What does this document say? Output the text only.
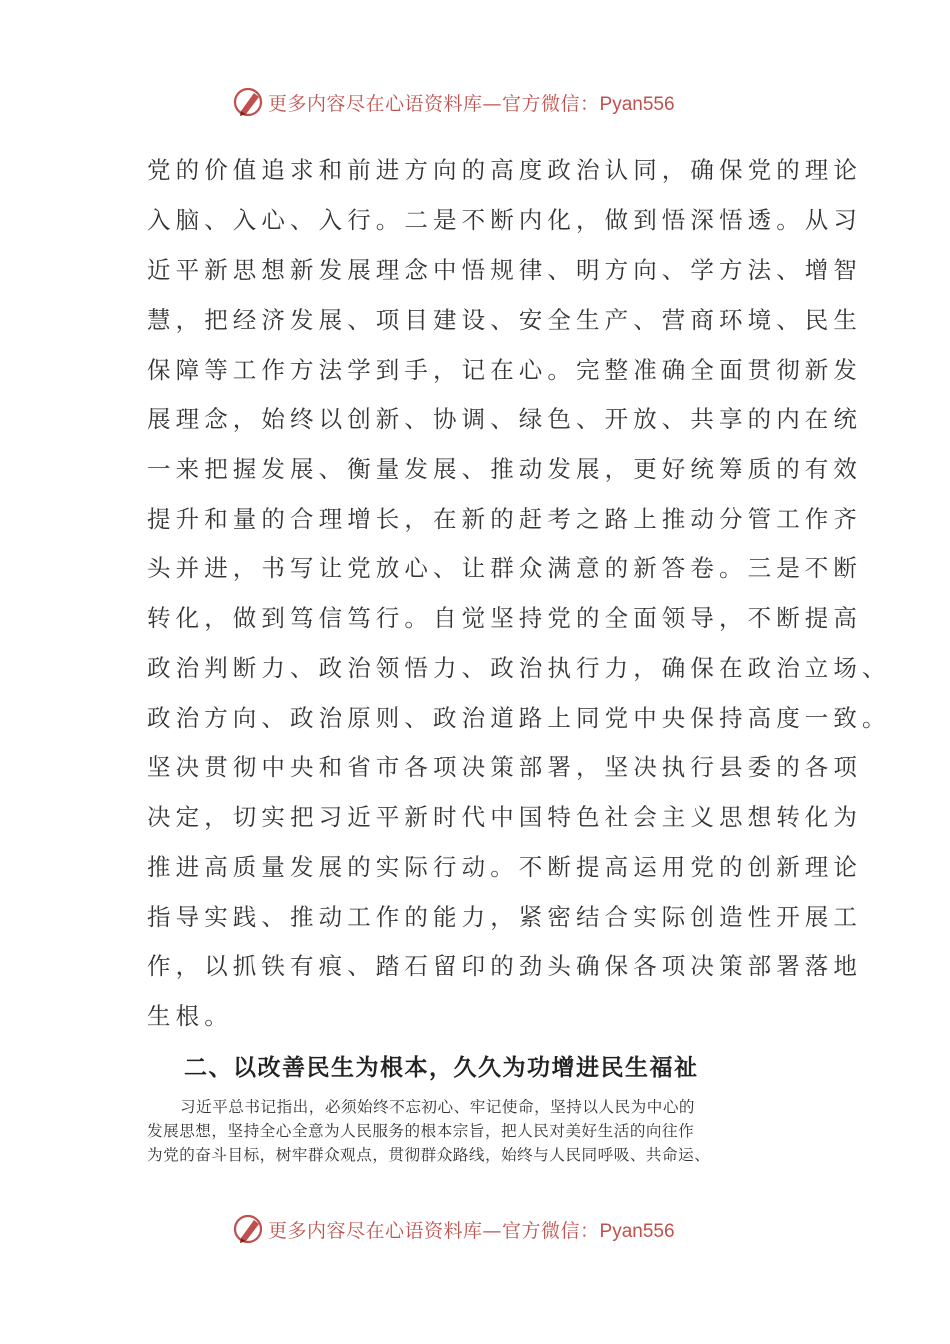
更多内容尽在心语资料库—官方微信：Pyan556
党的价值追求和前进方向的高度政治认同，确保党的理论
入脑、入心、入行。二是不断内化，做到悟深悟透。从习
近平新思想新发展理念中悟规律、明方向、学方法、增智
慧，把经济发展、项目建设、安全生产、营商环境、民生
保障等工作方法学到手，记在心。完整准确全面贯彻新发
展理念，始终以创新、协调、绿色、开放、共享的内在统
一来把握发展、衡量发展、推动发展，更好统筹质的有效
提升和量的合理增长，在新的赶考之路上推动分管工作齐
头并进，书写让党放心、让群众满意的新答卷。三是不断
转化，做到笃信笃行。自觉坚持党的全面领导，不断提高
政治判断力、政治领悟力、政治执行力，确保在政治立场、
政治方向、政治原则、政治道路上同党中央保持高度一致。
坚决贯彻中央和省市各项决策部署，坚决执行县委的各项
决定，切实把习近平新时代中国特色社会主义思想转化为
推进高质量发展的实际行动。不断提高运用党的创新理论
指导实践、推动工作的能力，紧密结合实际创造性开展工
作，以抓铁有痕、踏石留印的劲头确保各项决策部署落地
生根。
二、以改善民生为根本，久久为功增进民生福祉
习近平总书记指出，必须始终不忘初心、牢记使命，坚持以人民为中心的
发展思想，坚持全心全意为人民服务的根本宗旨，把人民对美好生活的向往作
为党的奋斗目标，树牢群众观点，贯彻群众路线，始终与人民同呼吸、共命运、
更多内容尽在心语资料库—官方微信：Pyan556
